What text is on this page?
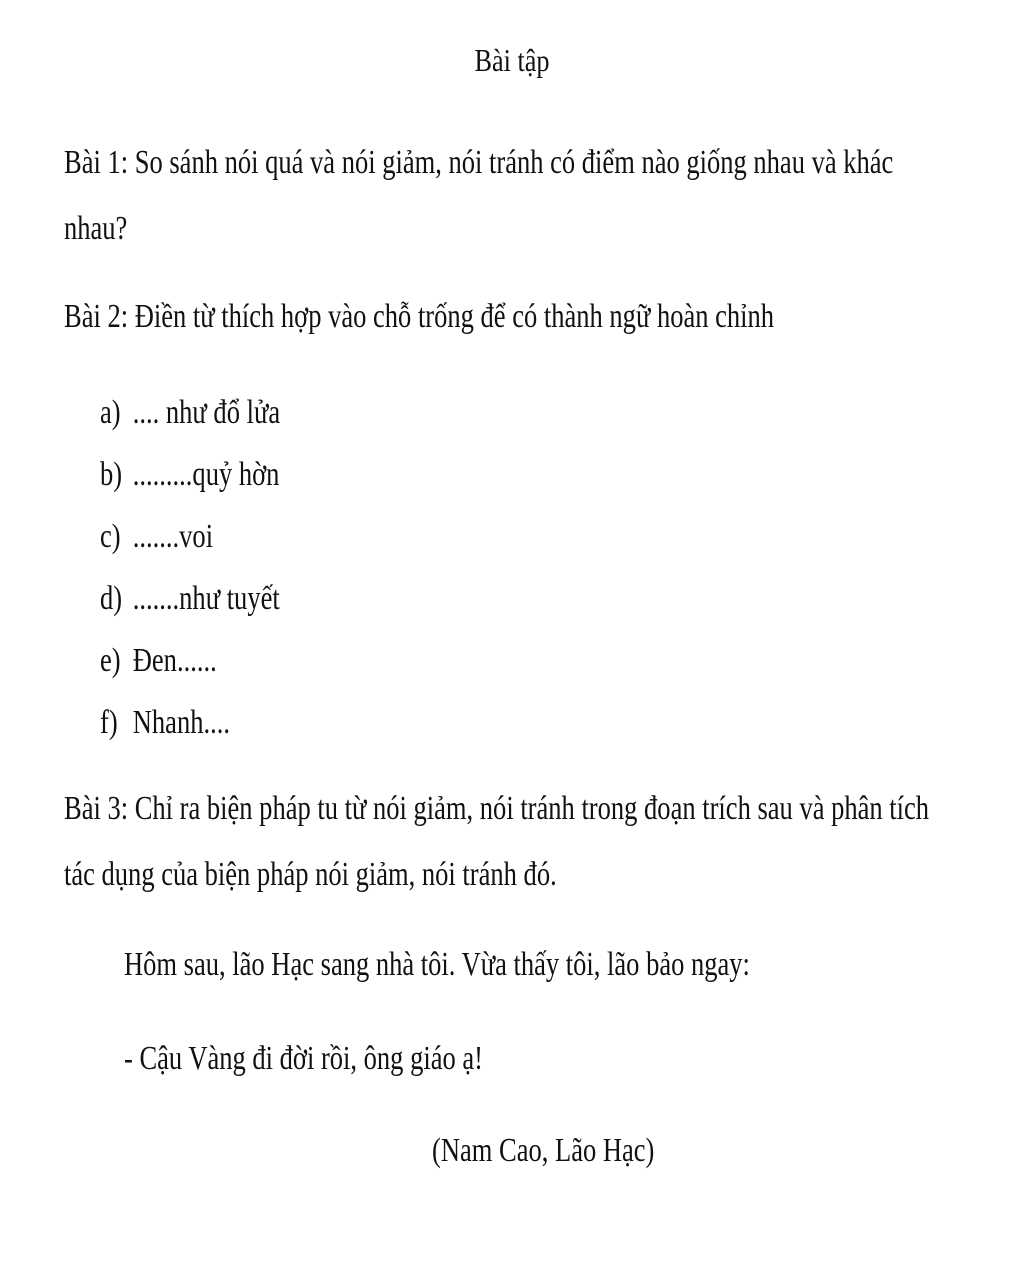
Bài tập
Bài 1: So sánh nói quá và nói giảm, nói tránh có điểm nào giống nhau và khác
nhau?
Bài 2: Điền từ thích hợp vào chỗ trống để có thành ngữ hoàn chỉnh
a) .... như đổ lửa
b) .........quỷ hờn
c) .......voi
d) .......như tuyết
e) Đen......
f) Nhanh....
Bài 3: Chỉ ra biện pháp tu từ nói giảm, nói tránh trong đoạn trích sau và phân tích
tác dụng của biện pháp nói giảm, nói tránh đó.
Hôm sau, lão Hạc sang nhà tôi. Vừa thấy tôi, lão bảo ngay:
- Cậu Vàng đi đời rồi, ông giáo ạ!
(Nam Cao, Lão Hạc)
